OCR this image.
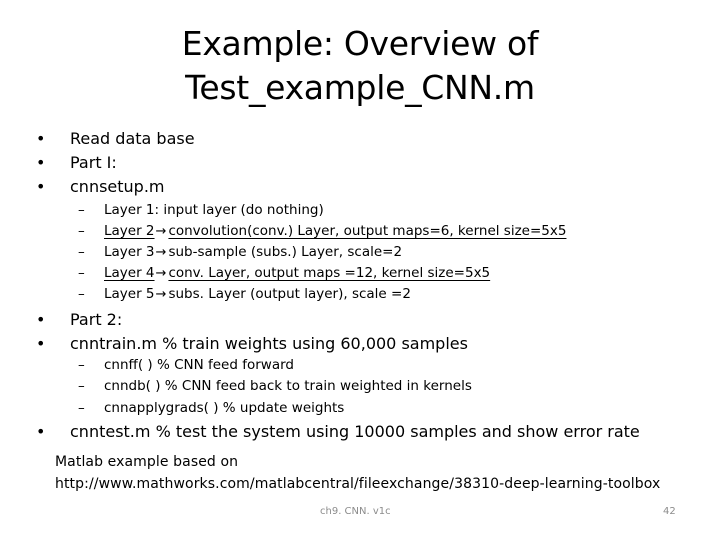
Example: Overview of
Test_example_CNN.m
• Read data base
• Part I:
• cnnsetup.m
– Layer 1: input layer (do nothing)
– Layer 2→ convolution(conv.) Layer, output maps=6, kernel size=5x5
– Layer 3→ sub-sample (subs.) Layer, scale=2
– Layer 4→ conv. Layer, output maps =12, kernel size=5x5
– Layer 5→ subs. Layer (output layer), scale =2
• Part 2:
• cnntrain.m % train weights using 60,000 samples
– cnnff( ) % CNN feed forward
– cnndb( ) % CNN feed back to train weighted in kernels
– cnnapplygrads( ) % update weights
• cnntest.m % test the system using 10000 samples and show error rate
Matlab example based on
http://www.mathworks.com/matlabcentral/fileexchange/38310-deep-learning-toolbox
ch9. CNN. v1c	42
